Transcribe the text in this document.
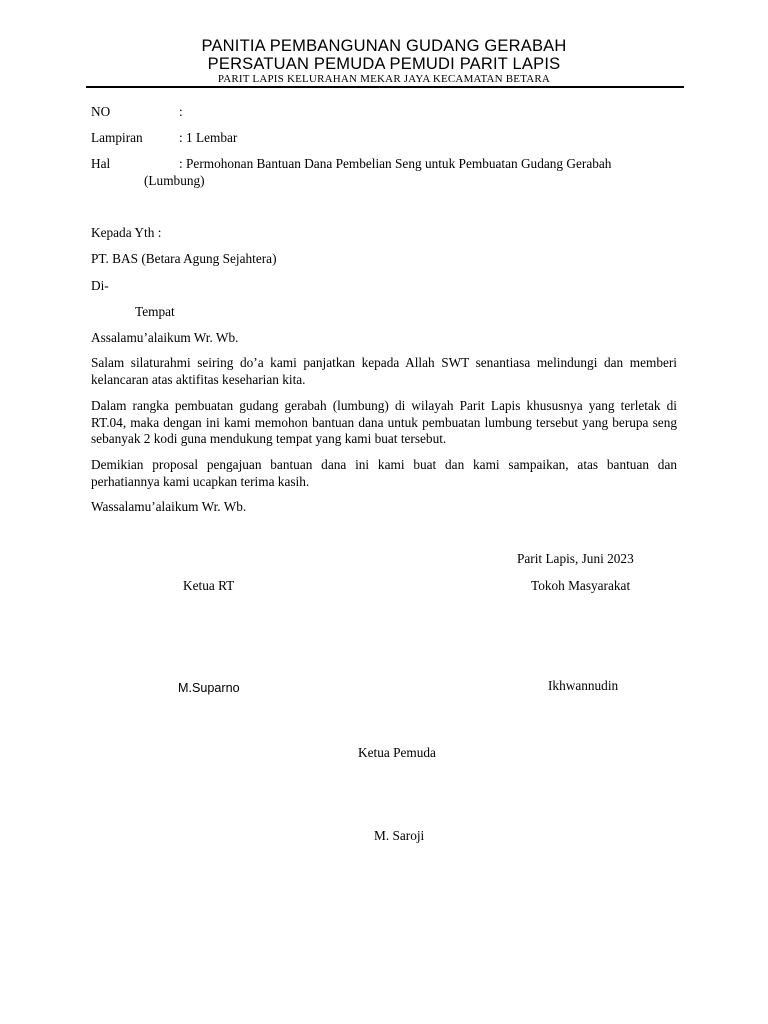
PANITIA PEMBANGUNAN GUDANG GERABAH
PERSATUAN PEMUDA PEMUDI PARIT LAPIS
PARIT LAPIS KELURAHAN MEKAR JAYA KECAMATAN BETARA
NO	:
Lampiran	: 1 Lembar
Hal	: Permohonan Bantuan Dana Pembelian Seng untuk Pembuatan Gudang Gerabah
(Lumbung)
Kepada Yth :
PT. BAS (Betara Agung Sejahtera)
Di-
Tempat
Assalamu’alaikum Wr. Wb.
Salam silaturahmi seiring do’a kami panjatkan kepada Allah SWT senantiasa melindungi dan memberi kelancaran atas aktifitas keseharian kita.
Dalam rangka pembuatan gudang gerabah (lumbung) di wilayah Parit Lapis khususnya yang terletak di RT.04, maka dengan ini kami memohon bantuan dana untuk pembuatan lumbung tersebut yang berupa seng sebanyak 2 kodi guna mendukung tempat yang kami buat tersebut.
Demikian proposal pengajuan bantuan dana ini kami buat dan kami sampaikan, atas bantuan dan perhatiannya kami ucapkan terima kasih.
Wassalamu’alaikum Wr. Wb.
Parit Lapis, Juni 2023
Ketua RT	Tokoh Masyarakat
M.Suparno	Ikhwannudin
Ketua Pemuda
M. Saroji
